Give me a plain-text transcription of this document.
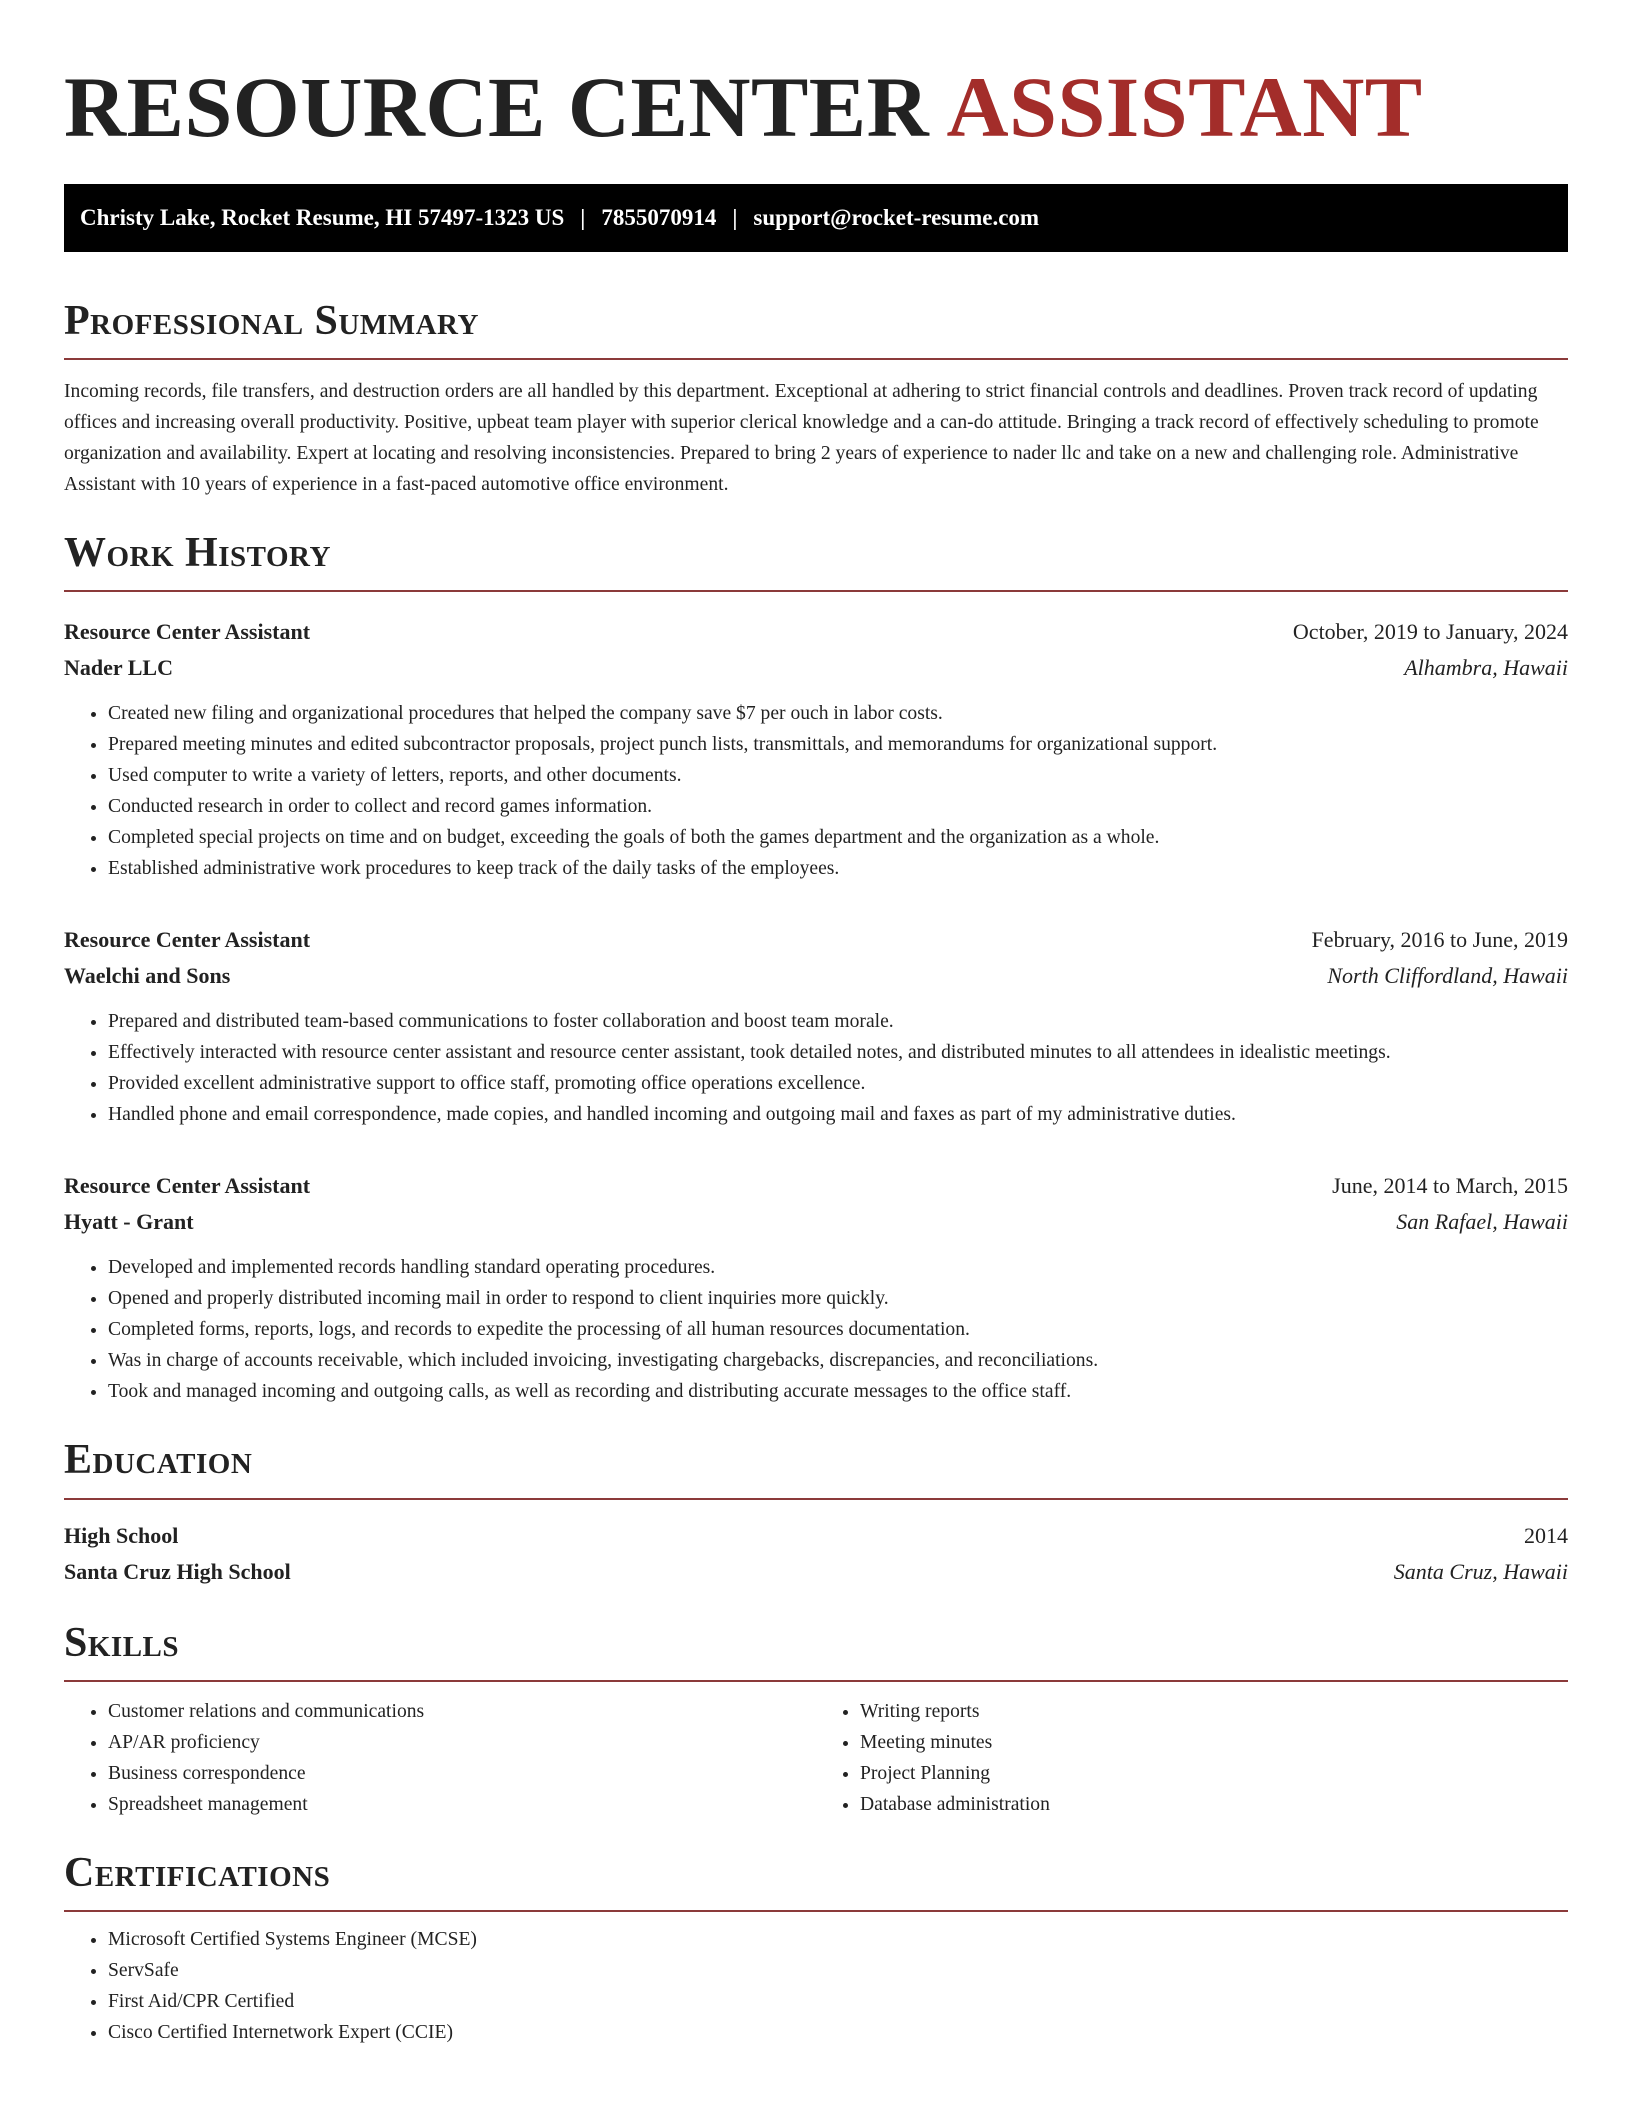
RESOURCE CENTER ASSISTANT
Christy Lake, Rocket Resume, HI 57497-1323 US | 7855070914 | support@rocket-resume.com
Professional Summary

Incoming records, file transfers, and destruction orders are all handled by this department. Exceptional at adhering to strict financial controls and deadlines. Proven track record of updating offices and increasing overall productivity. Positive, upbeat team player with superior clerical knowledge and a can-do attitude. Bringing a track record of effectively scheduling to promote organization and availability. Expert at locating and resolving inconsistencies. Prepared to bring 2 years of experience to nader llc and take on a new and challenging role. Administrative Assistant with 10 years of experience in a fast-paced automotive office environment.

Work History
Resource Center Assistant	October, 2019 to January, 2024
Nader LLC	Alhambra, Hawaii
• Created new filing and organizational procedures that helped the company save $7 per ouch in labor costs.
• Prepared meeting minutes and edited subcontractor proposals, project punch lists, transmittals, and memorandums for organizational support.
• Used computer to write a variety of letters, reports, and other documents.
• Conducted research in order to collect and record games information.
• Completed special projects on time and on budget, exceeding the goals of both the games department and the organization as a whole.
• Established administrative work procedures to keep track of the daily tasks of the employees.
Resource Center Assistant	February, 2016 to June, 2019
Waelchi and Sons	North Cliffordland, Hawaii
• Prepared and distributed team-based communications to foster collaboration and boost team morale.
• Effectively interacted with resource center assistant and resource center assistant, took detailed notes, and distributed minutes to all attendees in idealistic meetings.
• Provided excellent administrative support to office staff, promoting office operations excellence.
• Handled phone and email correspondence, made copies, and handled incoming and outgoing mail and faxes as part of my administrative duties.
Resource Center Assistant	June, 2014 to March, 2015
Hyatt - Grant	San Rafael, Hawaii
• Developed and implemented records handling standard operating procedures.
• Opened and properly distributed incoming mail in order to respond to client inquiries more quickly.
• Completed forms, reports, logs, and records to expedite the processing of all human resources documentation.
• Was in charge of accounts receivable, which included invoicing, investigating chargebacks, discrepancies, and reconciliations.
• Took and managed incoming and outgoing calls, as well as recording and distributing accurate messages to the office staff.
Education
High School	2014
Santa Cruz High School	Santa Cruz, Hawaii
Skills
• Customer relations and communications
• AP/AR proficiency
• Business correspondence
• Spreadsheet management
• Writing reports
• Meeting minutes
• Project Planning
• Database administration
Certifications
• Microsoft Certified Systems Engineer (MCSE)
• ServSafe
• First Aid/CPR Certified
• Cisco Certified Internetwork Expert (CCIE)
